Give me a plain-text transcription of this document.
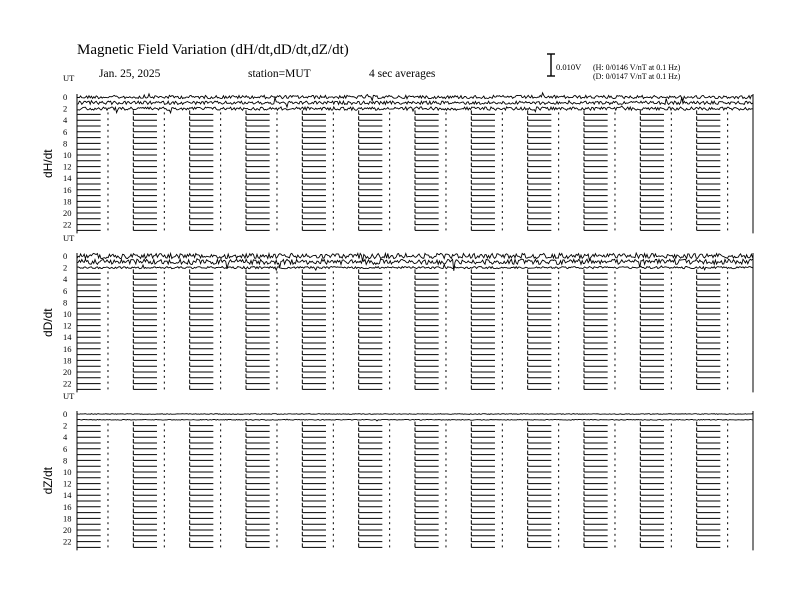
Magnetic Field Variation (dH/dt,dD/dt,dZ/dt)
Jan. 25, 2025	station=MUT	4 sec averages
0.010V (H: 0/0146 V/nT at 0.1 Hz)
(D: 0/0147 V/nT at 0.1 Hz)
UT
dH/dt
0
2
4
6
8
10
12
14
16
18
20
22
UT
dD/dt
0
2
4
6
8
10
12
14
16
18
20
22
UT
dZ/dt
0
2
4
6
8
10
12
14
16
18
20
22
